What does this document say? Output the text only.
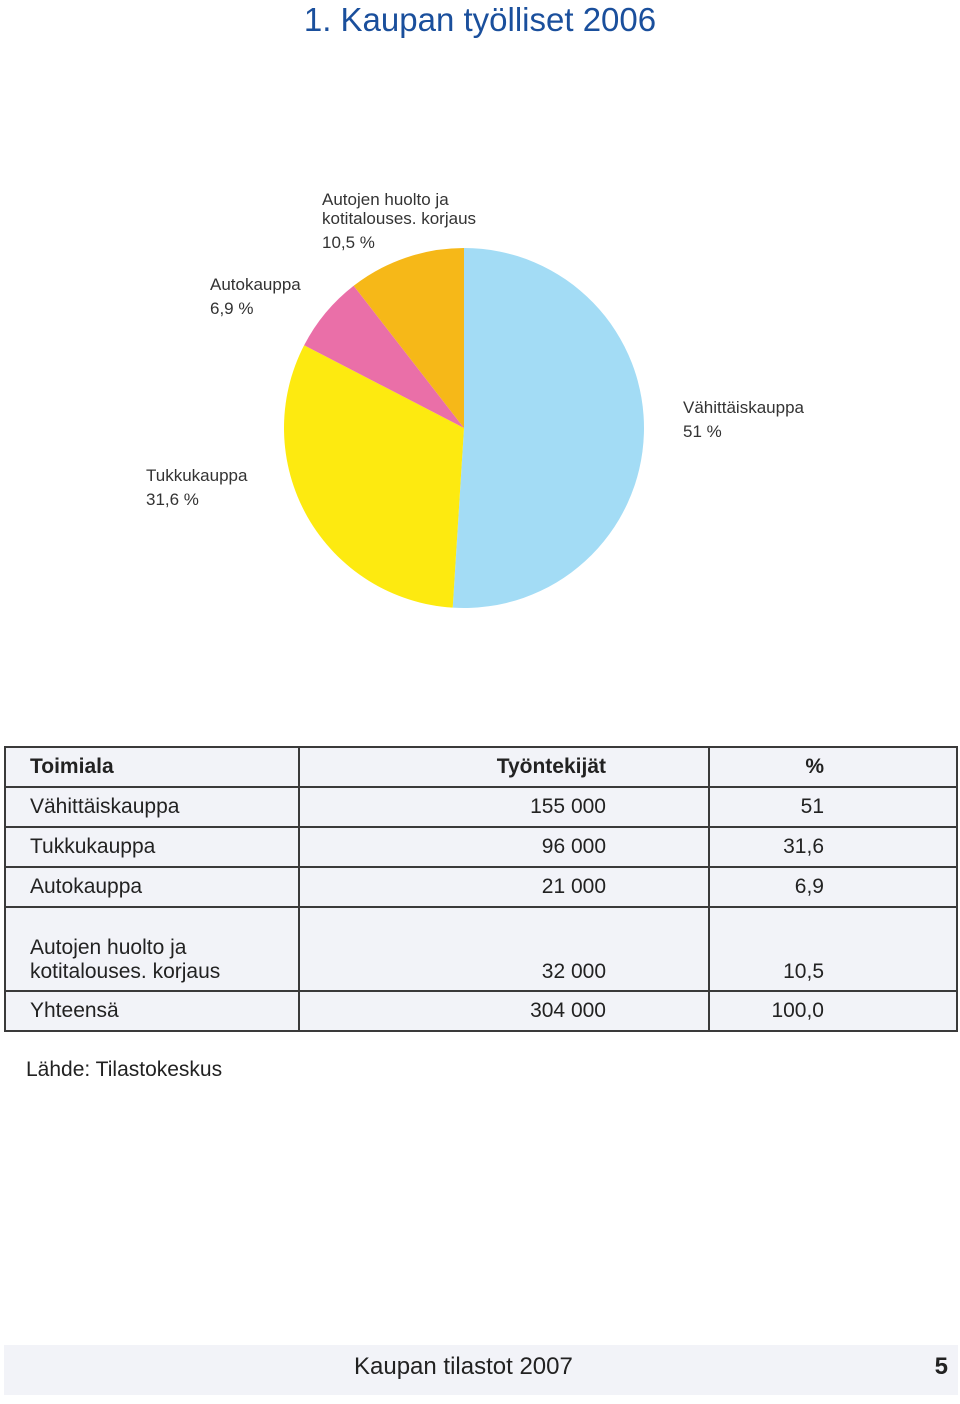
1. Kaupan työlliset 2006
Autojen huolto ja
kotitalouses. korjaus
10,5 %
Autokauppa
6,9 %
Vähittäiskauppa
51 %
Tukkukauppa
31,6 %
Toimiala	Työntekijät	%
Vähittäiskauppa	155 000	51
Tukkukauppa	96 000	31,6
Autokauppa	21 000	6,9

Autojen huolto ja
kotitalouses. korjaus	32 000	10,5
Yhteensä	304 000	100,0
Lähde: Tilastokeskus
Kaupan tilastot 2007	5
